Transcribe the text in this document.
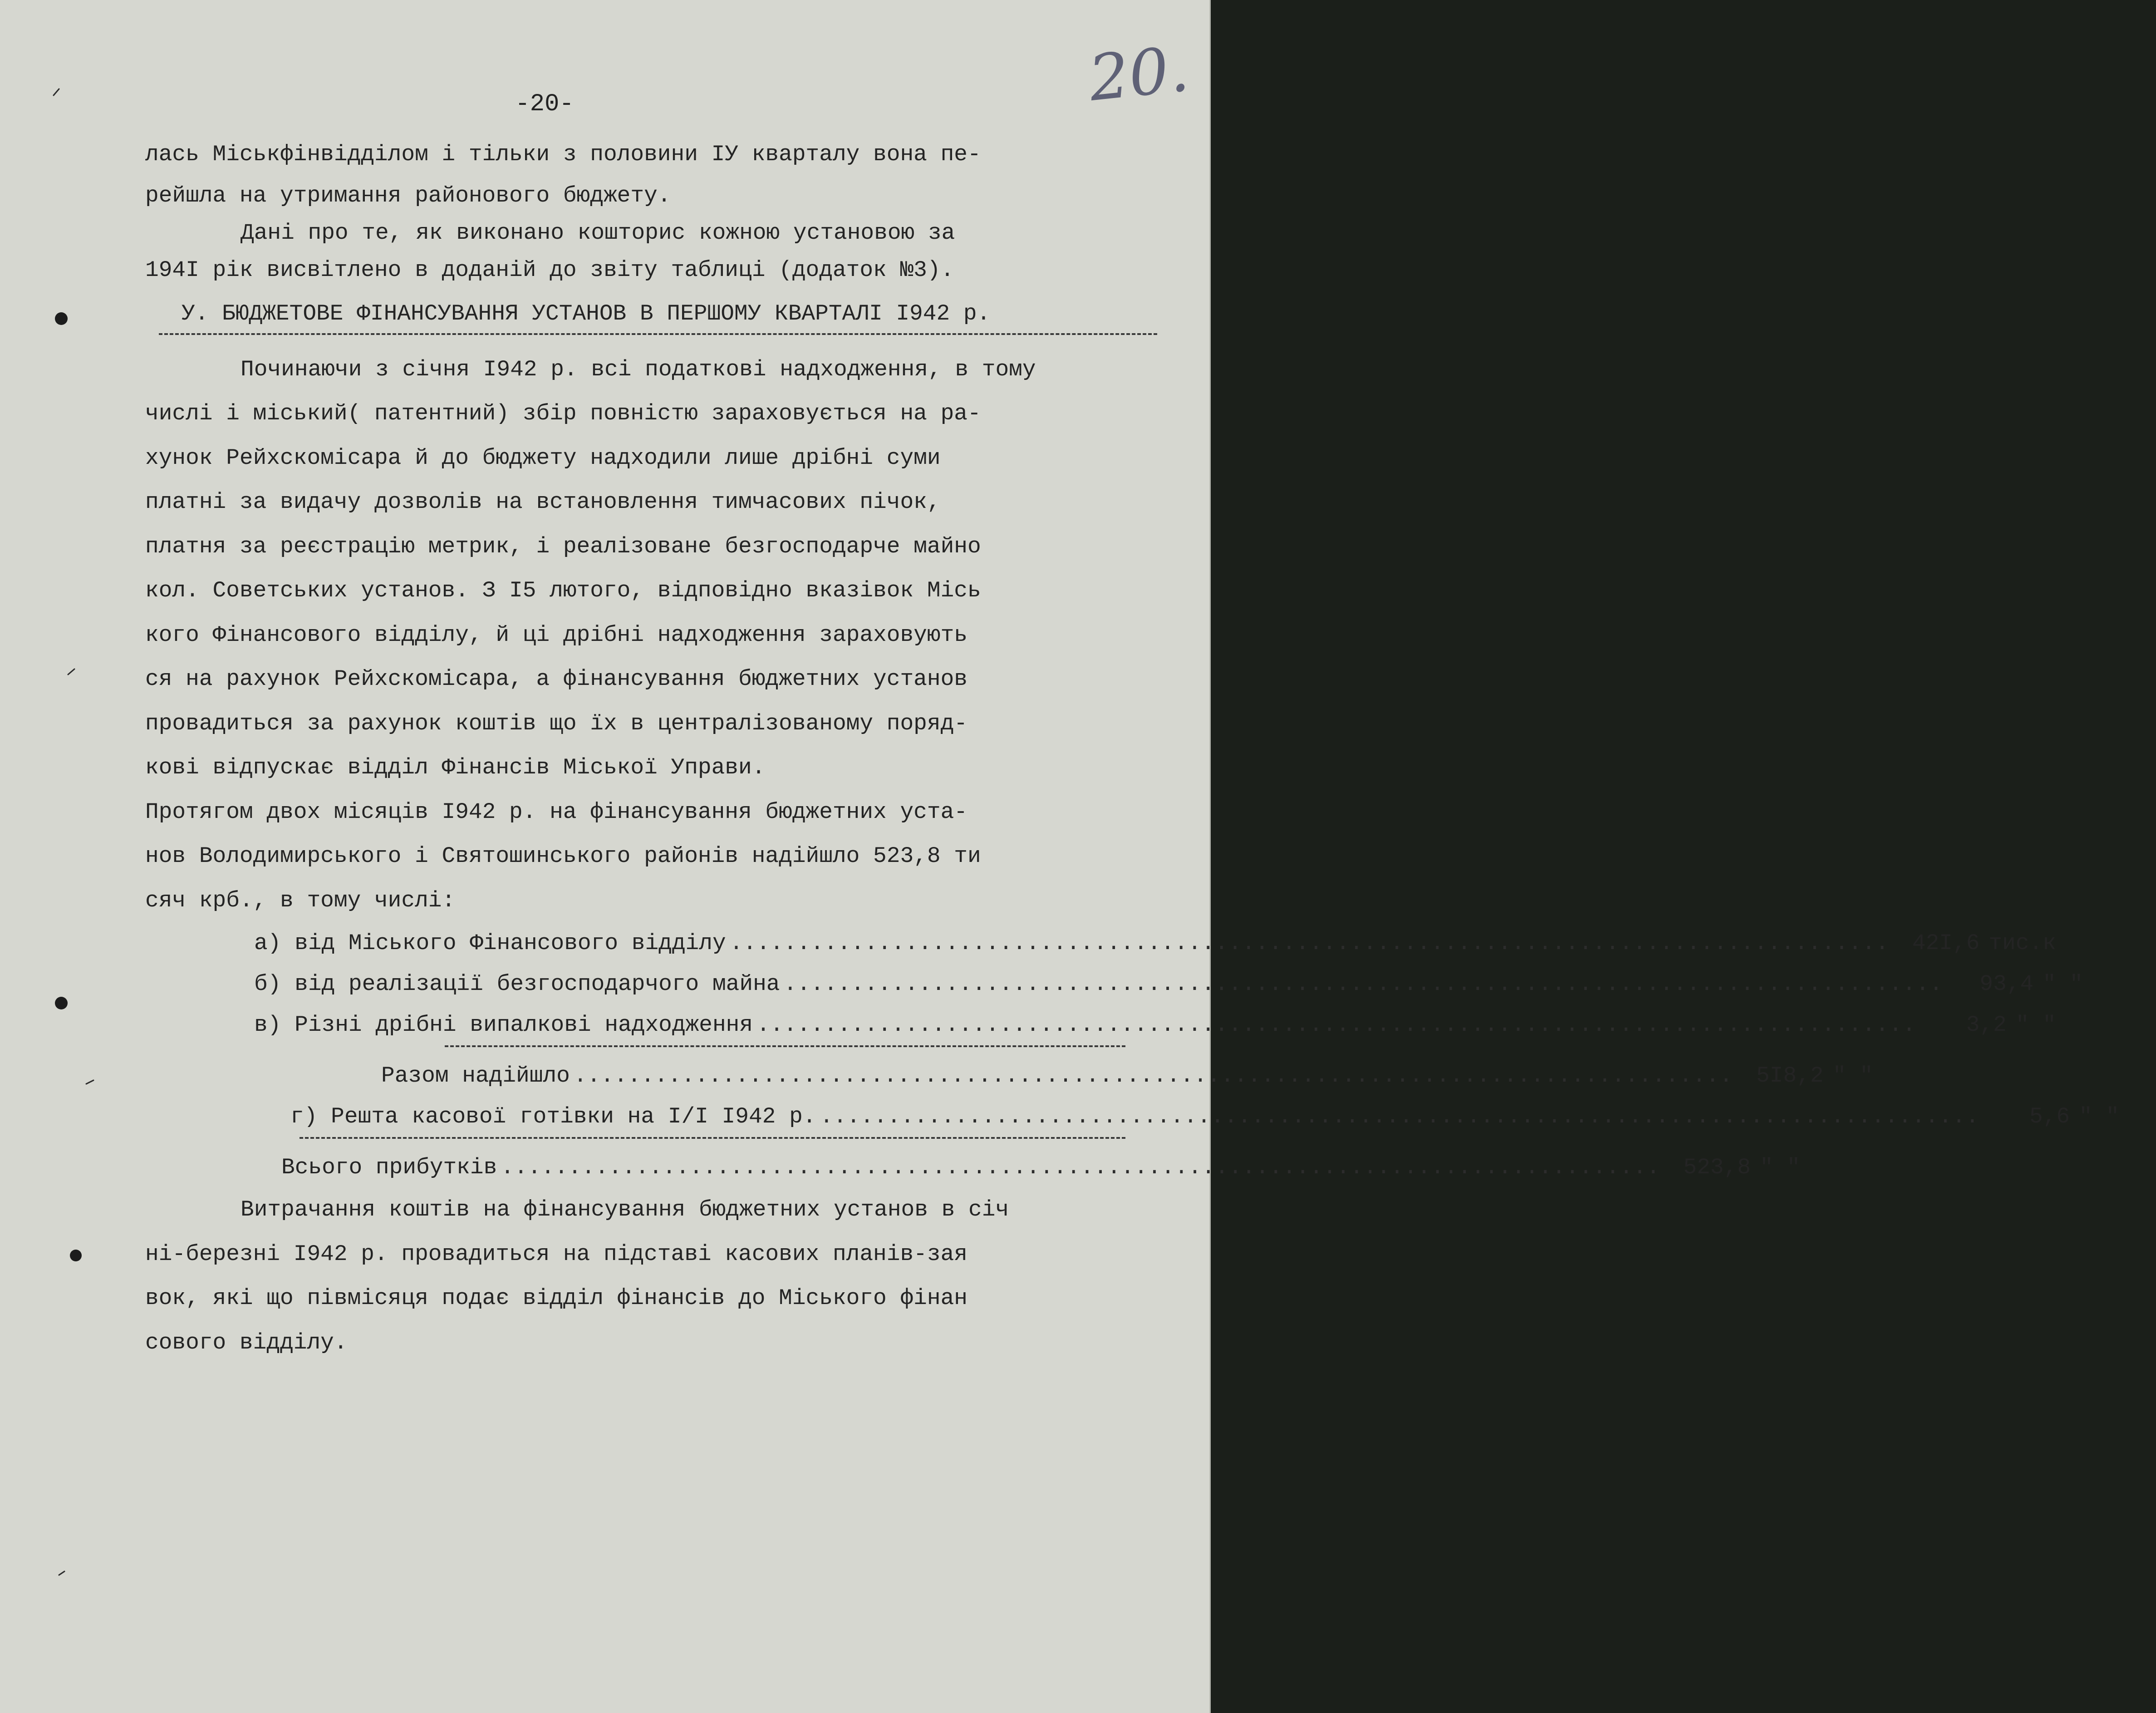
20.
-20-
лась Міськфінвідділом і тільки з половини ІУ кварталу вона пе-
рейшла на утримання районового бюджету.
Дані про те, як виконано кошторис кожною установою за
194I рік висвітлено в доданій до звіту таблиці (додаток №3).
У. БЮДЖЕТОВЕ ФІНАНСУВАННЯ УСТАНОВ В ПЕРШОМУ КВАРТАЛІ I942 р.
Починаючи з січня I942 р. всі податкові надходження, в тому
числі і міський( патентний) збір повністю зараховується на ра-
хунок Рейхскомісара й до бюджету надходили лише дрібні суми
платні за видачу дозволів на встановлення тимчасових пічок,
платня за реєстрацію метрик, і реалізоване безгосподарче майно
кол. Советських установ. З I5 лютого, відповідно вказівок Місь
кого Фінансового відділу, й ці дрібні надходження зараховують
ся на рахунок Рейхскомісара, а фінансування бюджетних установ
провадиться за рахунок коштів що їх в централізованому поряд-
кові відпускає відділ Фінансів Міської Управи.
Протягом двох місяців I942 р. на фінансування бюджетних уста-
нов Володимирського і Святошинського районів надійшло 523,8 ти
сяч крб., в тому числі:
а) від Міського Фінансового відділу ......................................................................................	42I,6 тис.к
б) від реалізації безгосподарчого майна ......................................................................................	93,4 " "
в) Різні дрібні випалкові надходження ......................................................................................	3,2 " "
Разом надійшло ......................................................................................	5I8,2 " "
г) Решта касової готівки на I/I I942 р. ......................................................................................	5,6 " "
Всього прибутків ......................................................................................	523,8 " "
Витрачання коштів на фінансування бюджетних установ в січ
ні-березні I942 р. провадиться на підставі касових планів-зая
вок, які що півмісяця подає відділ фінансів до Міського фінан
сового відділу.
